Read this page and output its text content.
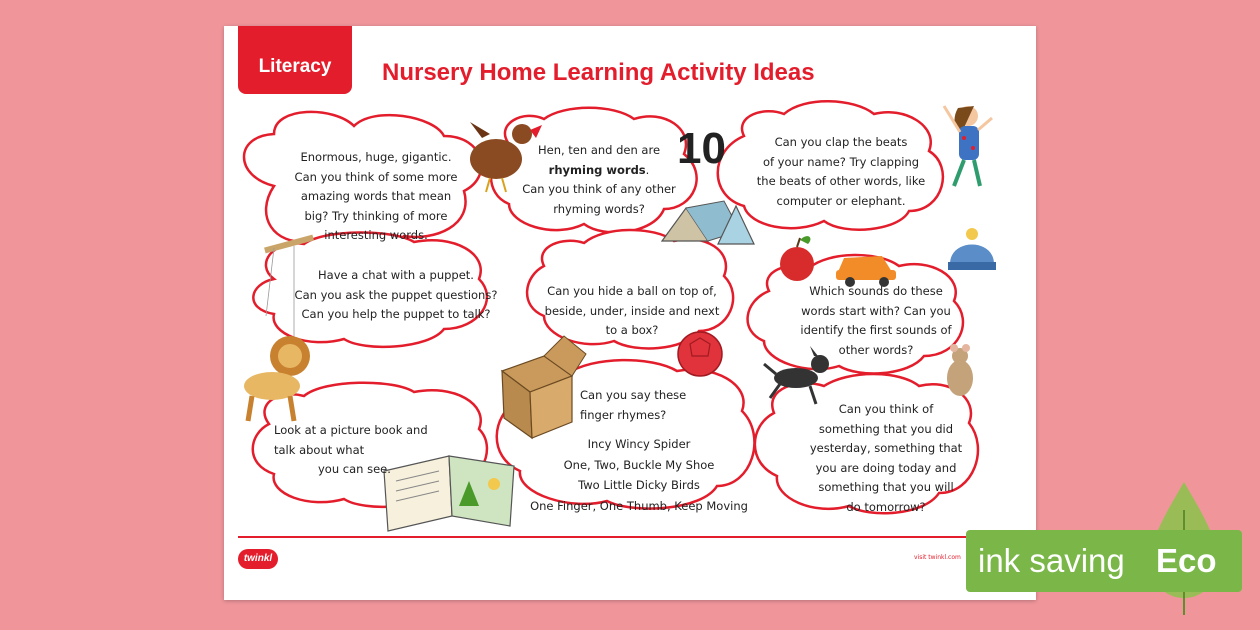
Literacy	Nursery Home Learning Activity Ideas
10
Enormous, huge, gigantic.
Can you think of some more
amazing words that mean
big? Try thinking of more
interesting words.
Hen, ten and den are
rhyming words.
Can you think of any other
rhyming words?
Can you clap the beats
of your name? Try clapping
the beats of other words, like
computer or elephant.
Have a chat with a puppet.
Can you ask the puppet questions?
Can you help the puppet to talk?
Can you hide a ball on top of,
beside, under, inside and next
to a box?
Which sounds do these
words start with? Can you
identify the first sounds of
other words?
Look at a picture book and
talk about what
you can see.
Can you say these
finger rhymes?
Incy Wincy Spider
One, Two, Buckle My Shoe
Two Little Dicky Birds
One Finger, One Thumb, Keep Moving
Can you think of
something that you did
yesterday, something that
you are doing today and
something that you will
do tomorrow?
twinkl	visit twinkl.com ink saving Eco
